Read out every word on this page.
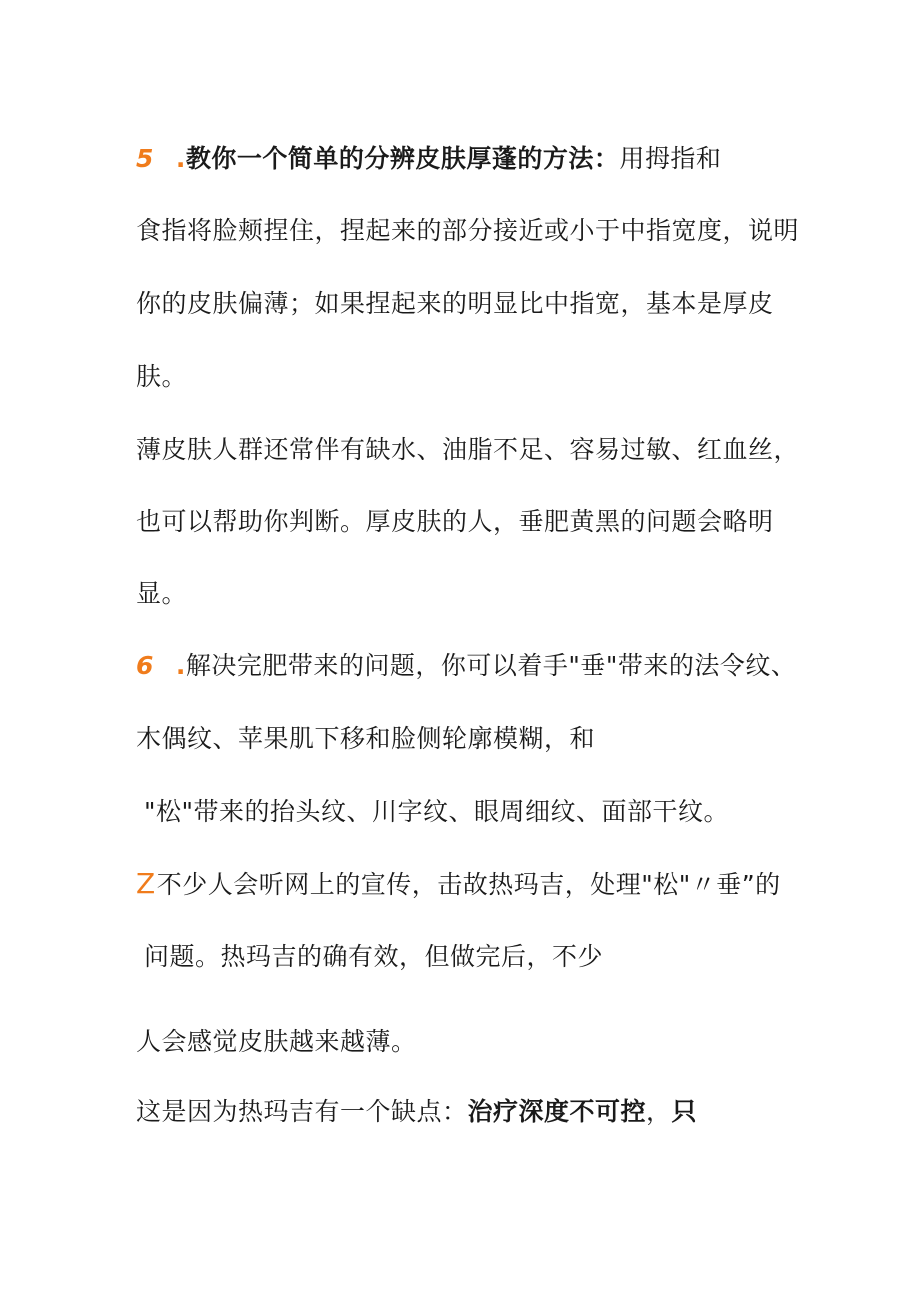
5 .教你一个简单的分辨皮肤厚蓬的方法：用拇指和
食指将脸颊捏住，捏起来的部分接近或小于中指宽度，说明
你的皮肤偏薄；如果捏起来的明显比中指宽，基本是厚皮
肤。
薄皮肤人群还常伴有缺水、油脂不足、容易过敏、红血丝，
也可以帮助你判断。厚皮肤的人，垂肥黄黑的问题会略明
显。
6 .解决完肥带来的问题，你可以着手"垂"带来的法令纹、
木偶纹、苹果肌下移和脸侧轮廓模糊，和
"松"带来的抬头纹、川字纹、眼周细纹、面部干纹。
Z不少人会听网上的宣传，击故热玛吉，处理"松"〃垂”的
问题。热玛吉的确有效，但做完后，不少
人会感觉皮肤越来越薄。
这是因为热玛吉有一个缺点：治疗深度不可控，只
